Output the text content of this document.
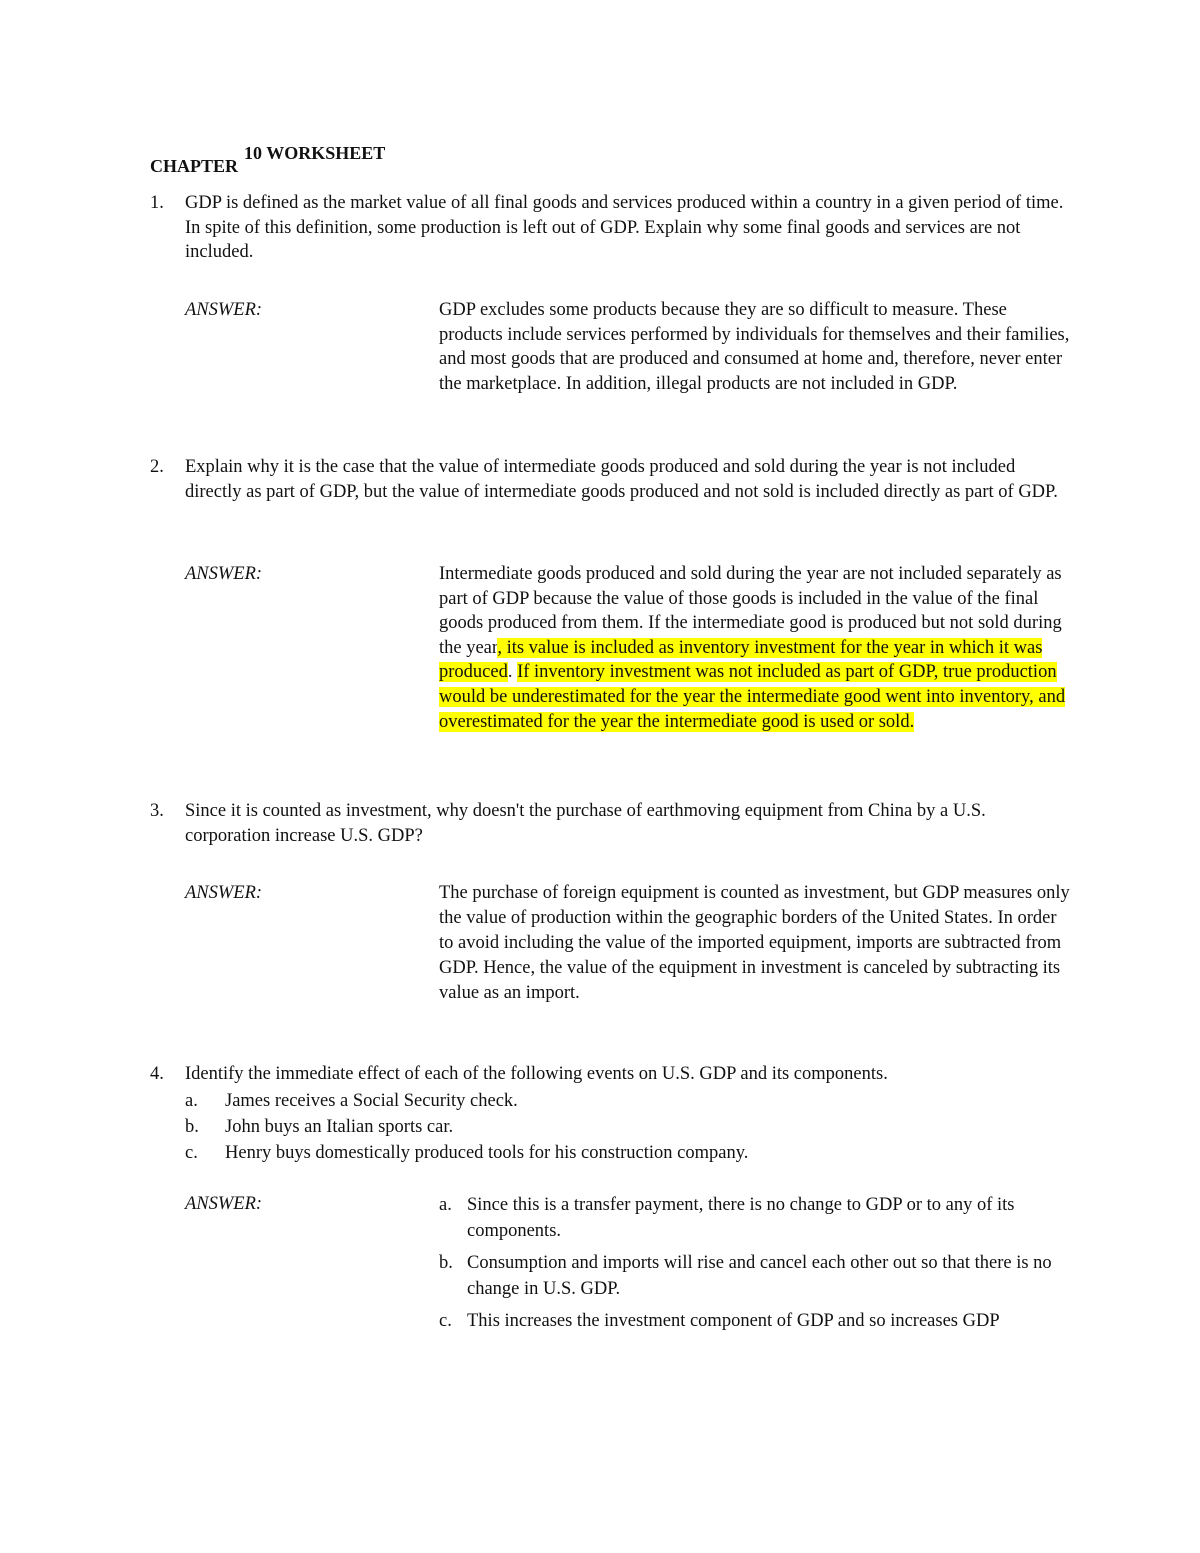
CHAPTER10 WORKSHEET
1. GDP is defined as the market value of all final goods and services produced within a country in a given period of time. In spite of this definition, some production is left out of GDP. Explain why some final goods and services are not included.
ANSWER:	GDP excludes some products because they are so difficult to measure. These products include services performed by individuals for themselves and their families, and most goods that are produced and consumed at home and, therefore, never enter the marketplace. In addition, illegal products are not included in GDP.
2. Explain why it is the case that the value of intermediate goods produced and sold during the year is not included directly as part of GDP, but the value of intermediate goods produced and not sold is included directly as part of GDP.
ANSWER:	Intermediate goods produced and sold during the year are not included separately as part of GDP because the value of those goods is included in the value of the final goods produced from them. If the intermediate good is produced but not sold during the year, its value is included as inventory investment for the year in which it was produced. If inventory investment was not included as part of GDP, true production would be underestimated for the year the intermediate good went into inventory, and overestimated for the year the intermediate good is used or sold.
3. Since it is counted as investment, why doesn't the purchase of earthmoving equipment from China by a U.S. corporation increase U.S. GDP?
ANSWER:	The purchase of foreign equipment is counted as investment, but GDP measures only the value of production within the geographic borders of the United States. In order to avoid including the value of the imported equipment, imports are subtracted from GDP. Hence, the value of the equipment in investment is canceled by subtracting its value as an import.
4. Identify the immediate effect of each of the following events on U.S. GDP and its components.
a. James receives a Social Security check.
b. John buys an Italian sports car.
c. Henry buys domestically produced tools for his construction company.
ANSWER:	a. Since this is a transfer payment, there is no change to GDP or to any of its components.
b. Consumption and imports will rise and cancel each other out so that there is no change in U.S. GDP.
c. This increases the investment component of GDP and so increases GDP
